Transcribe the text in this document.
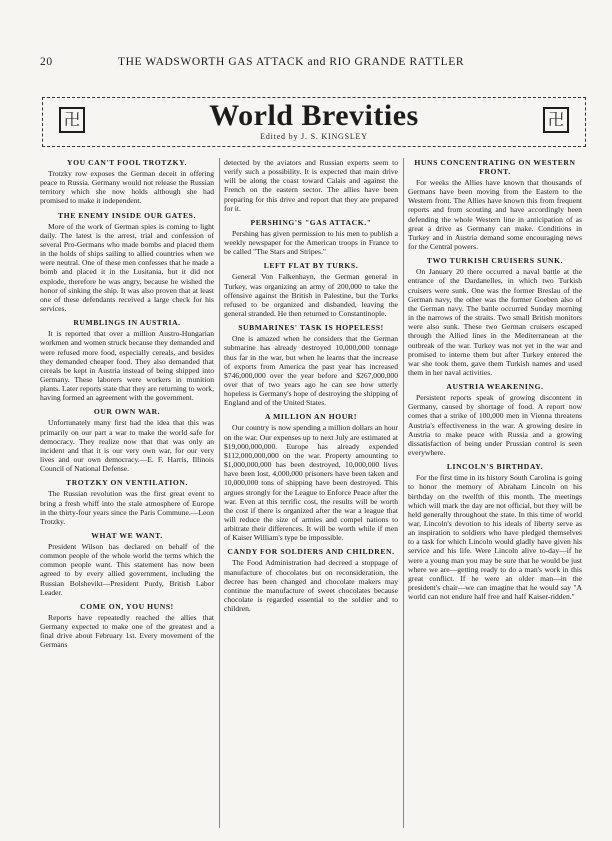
20	THE WADSWORTH GAS ATTACK and RIO GRANDE RATTLER
卍	World Brevities
Edited by J. S. KINGSLEY
卍
YOU CAN'T FOOL TROTZKY.

Trotzky row exposes the German deceit in offering peace to Russia. Germany would not release the Russian territory which she now holds although she had promised to make it independent.

THE ENEMY INSIDE OUR GATES.

More of the work of German spies is coming to light daily. The latest is the arrest, trial and confession of several Pro-Germans who made bombs and placed them in the holds of ships sailing to allied countries when we were neutral. One of these men confesses that he made a bomb and placed it in the Lusitania, but it did not explode, therefore he was angry, because he wished the honor of sinking the ship. It was also proven that at least one of these defendants received a large check for his services.

RUMBLINGS IN AUSTRIA.

It is reported that over a million Austro-Hungarian workmen and women struck because they demanded and were refused more food, especially cereals, and besides they demanded cheaper food. They also demanded that cereals be kept in Austria instead of being shipped into Germany. These laborers were workers in munition plants. Later reports state that they are returning to work, having formed an agreement with the government.

OUR OWN WAR.

Unfortunately many first had the idea that this was primarily on our part a war to make the world safe for democracy. They realize now that that was only an incident and that it is our very own war, for our very lives and our own democracy.—E. F. Harris, Illinois Council of National Defense.

TROTZKY ON VENTILATION.

The Russian revolution was the first great event to bring a fresh whiff into the stale atmosphere of Europe in the thirty-four years since the Paris Commune.—Leon Trotzky.

WHAT WE WANT.

President Wilson has declared on behalf of the common people of the whole world the terms which the common people want. This statement has now been agreed to by every allied government, including the Russian Bolshevikt—President Purdy, British Labor Leader.

COME ON, YOU HUNS!

Reports have repeatedly reached the allies that Germany expected to make one of the greatest and a final drive about February 1st. Every movement of the Germans

detected by the aviators and Russian experts seem to verify such a possibility. It is expected that main drive will be along the coast toward Calais and against the French on the eastern sector. The allies have been preparing for this drive and report that they are prepared for it.

PERSHING'S "GAS ATTACK."

Pershing has given permission to his men to publish a weekly newspaper for the American troops in France to be called "The Stars and Stripes."

LEFT FLAT BY TURKS.

General Von Falkenhayn, the German general in Turkey, was organizing an army of 200,000 to take the offensive against the British in Palestine, but the Turks refused to be organized and disbanded, leaving the general stranded. He then returned to Constantinople.

SUBMARINES' TASK IS HOPELESS!

One is amazed when he considers that the German submarine has already destroyed 10,000,000 tonnage thus far in the war, but when he learns that the increase of exports from America the past year has increased $746,000,000 over the year before and $267,000,000 over that of two years ago he can see how utterly hopeless is Germany's hope of destroying the shipping of England and of the United States.

A MILLION AN HOUR!

Our country is now spending a million dollars an hour on the war. Our expenses up to next July are estimated at $19,000,000,000. Europe has already expended $112,000,000,000 on the war. Property amounting to $1,000,000,000 has been destroyed, 10,000,000 lives have been lost, 4,000,000 prisoners have been taken and 10,000,000 tons of shipping have been destroyed. This argues strongly for the League to Enforce Peace after the war. Even at this terrific cost, the results will be worth the cost if there is organized after the war a league that will reduce the size of armies and compel nations to arbitrate their differences. It will be worth while if men of Kaiser William's type be impossible.

CANDY FOR SOLDIERS AND CHILDREN.

The Food Administration had decreed a stoppage of manufacture of chocolates but on reconsideration, the decree has been changed and chocolate makers may continue the manufacture of sweet chocolates because chocolate is regarded essential to the soldier and to children.

HUNS CONCENTRATING ON WESTERN FRONT.

For weeks the Allies have known that thousands of Germans have been moving from the Eastern to the Western front. The Allies have known this from frequent reports and from scouting and have accordingly been defending the whole Western line in anticipation of as great a drive as Germany can make. Conditions in Turkey and in Austria demand some encouraging news for the Central powers.

TWO TURKISH CRUISERS SUNK.

On January 20 there occurred a naval battle at the entrance of the Dardanelles, in which two Turkish cruisers were sunk. One was the former Breslau of the German navy, the other was the former Goeben also of the German navy. The battle occurred Sunday morning in the narrows of the straits. Two small British monitors were also sunk. These two German cruisers escaped through the Allied lines in the Mediterranean at the outbreak of the war. Turkey was not yet in the war and promised to interne them but after Turkey entered the war she took them, gave them Turkish names and used them in her naval activities.

AUSTRIA WEAKENING.

Persistent reports speak of growing discontent in Germany, caused by shortage of food. A report now comes that a strike of 100,000 men in Vienna threatens Austria's effectiveness in the war. A growing desire in Austria to make peace with Russia and a growing dissatisfaction of being under Prussian control is seen everywhere.

LINCOLN'S BIRTHDAY.

For the first time in its history South Carolina is going to honor the memory of Abraham Lincoln on his birthday on the twelfth of this month. The meetings which will mark the day are not official, but they will be held generally throughout the state. In this time of world war, Lincoln's devotion to his ideals of liberty serve as an inspiration to soldiers who have pledged themselves to a task for which Lincoln would gladly have given his service and his life. Were Lincoln alive to-day—if he were a young man you may be sure that he would be just where we are—getting ready to do a man's work in this great conflict. If he were an older man—in the president's chair—we can imagine that he would say "A world can not endure half free and half Kaiser-ridden."
